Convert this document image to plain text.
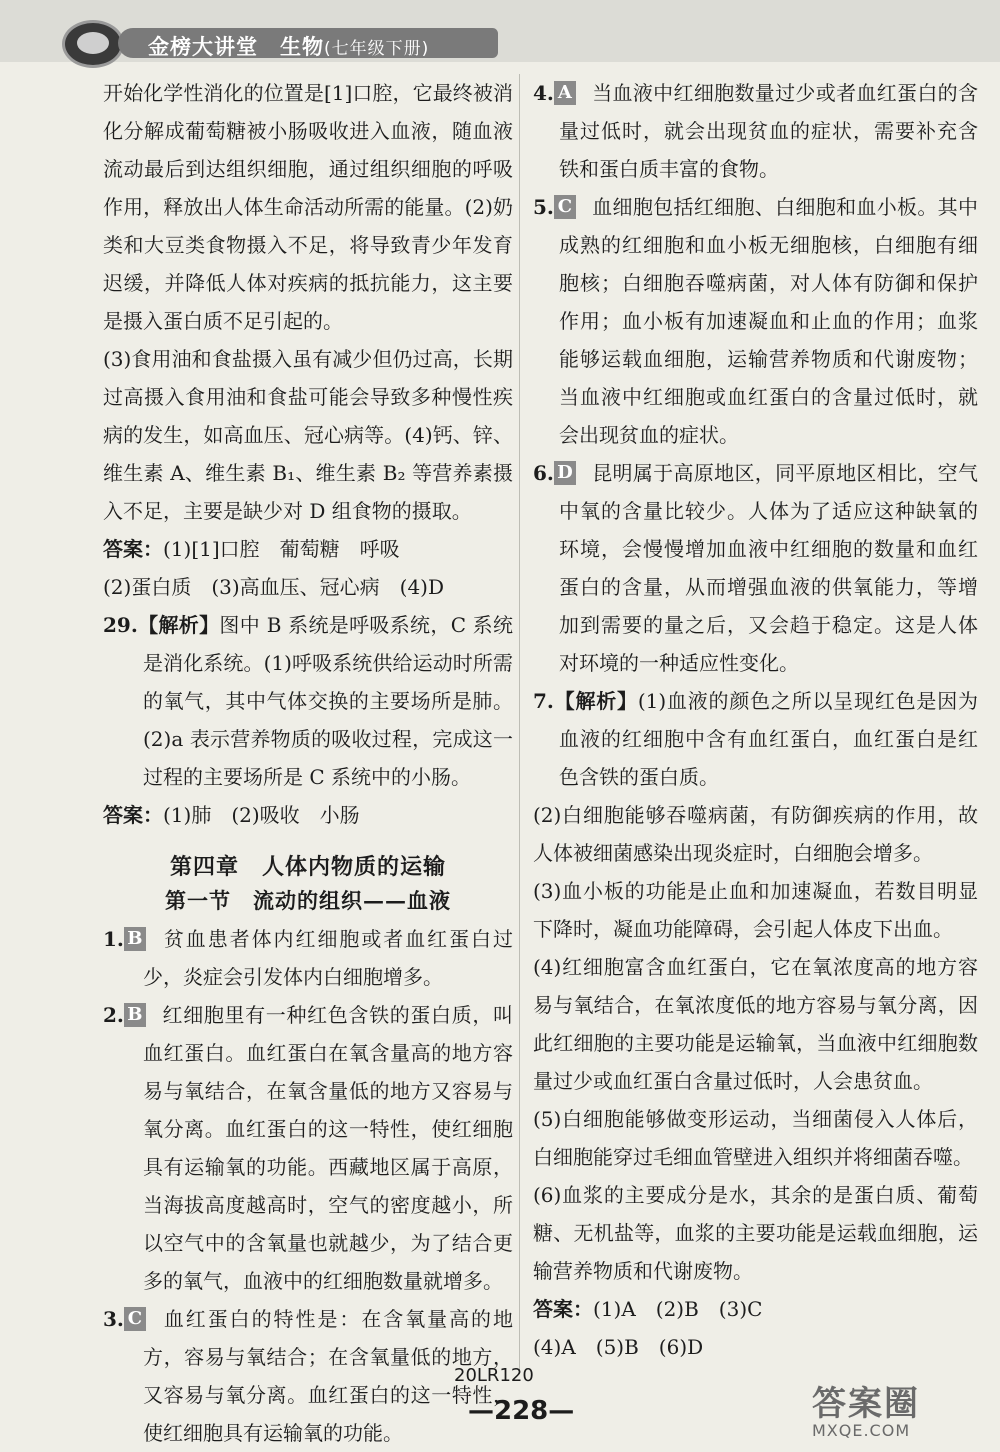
金榜大讲堂　生物(七年级下册)

开始化学性消化的位置是[1]口腔，它最终被消化分解成葡萄糖被小肠吸收进入血液，随血液流动最后到达组织细胞，通过组织细胞的呼吸作用，释放出人体生命活动所需的能量。(2)奶类和大豆类食物摄入不足，将导致青少年发育迟缓，并降低人体对疾病的抵抗能力，这主要是摄入蛋白质不足引起的。

(3)食用油和食盐摄入虽有减少但仍过高，长期过高摄入食用油和食盐可能会导致多种慢性疾病的发生，如高血压、冠心病等。(4)钙、锌、维生素 A、维生素 B₁、维生素 B₂ 等营养素摄入不足，主要是缺少对 D 组食物的摄取。

答案：(1)[1]口腔　葡萄糖　呼吸

(2)蛋白质　(3)高血压、冠心病　(4)D

29.【解析】图中 B 系统是呼吸系统，C 系统是消化系统。(1)呼吸系统供给运动时所需的氧气，其中气体交换的主要场所是肺。(2)a 表示营养物质的吸收过程，完成这一过程的主要场所是 C 系统中的小肠。

答案：(1)肺　(2)吸收　小肠

第四章　人体内物质的运输
第一节　流动的组织——血液

1. B 贫血患者体内红细胞或者血红蛋白过少，炎症会引发体内白细胞增多。

2. B 红细胞里有一种红色含铁的蛋白质，叫血红蛋白。血红蛋白在氧含量高的地方容易与氧结合，在氧含量低的地方又容易与氧分离。血红蛋白的这一特性，使红细胞具有运输氧的功能。西藏地区属于高原，当海拔高度越高时，空气的密度越小，所以空气中的含氧量也就越少，为了结合更多的氧气，血液中的红细胞数量就增多。

3. C 血红蛋白的特性是：在含氧量高的地方，容易与氧结合；在含氧量低的地方，又容易与氧分离。血红蛋白的这一特性，使红细胞具有运输氧的功能。

4. A 当血液中红细胞数量过少或者血红蛋白的含量过低时，就会出现贫血的症状，需要补充含铁和蛋白质丰富的食物。

5. C 血细胞包括红细胞、白细胞和血小板。其中成熟的红细胞和血小板无细胞核，白细胞有细胞核；白细胞吞噬病菌，对人体有防御和保护作用；血小板有加速凝血和止血的作用；血浆能够运载血细胞，运输营养物质和代谢废物；当血液中红细胞或血红蛋白的含量过低时，就会出现贫血的症状。

6. D 昆明属于高原地区，同平原地区相比，空气中氧的含量比较少。人体为了适应这种缺氧的环境，会慢慢增加血液中红细胞的数量和血红蛋白的含量，从而增强血液的供氧能力，等增加到需要的量之后，又会趋于稳定。这是人体对环境的一种适应性变化。

7.【解析】(1)血液的颜色之所以呈现红色是因为血液的红细胞中含有血红蛋白，血红蛋白是红色含铁的蛋白质。

(2)白细胞能够吞噬病菌，有防御疾病的作用，故人体被细菌感染出现炎症时，白细胞会增多。

(3)血小板的功能是止血和加速凝血，若数目明显下降时，凝血功能障碍，会引起人体皮下出血。

(4)红细胞富含血红蛋白，它在氧浓度高的地方容易与氧结合，在氧浓度低的地方容易与氧分离，因此红细胞的主要功能是运输氧，当血液中红细胞数量过少或血红蛋白含量过低时，人会患贫血。

(5)白细胞能够做变形运动，当细菌侵入人体后，白细胞能穿过毛细血管壁进入组织并将细菌吞噬。

(6)血浆的主要成分是水，其余的是蛋白质、葡萄糖、无机盐等，血浆的主要功能是运载血细胞，运输营养物质和代谢废物。

答案：(1)A　(2)B　(3)C

(4)A　(5)B　(6)D

20LR120
—228—	答案圈
MXQE.COM
